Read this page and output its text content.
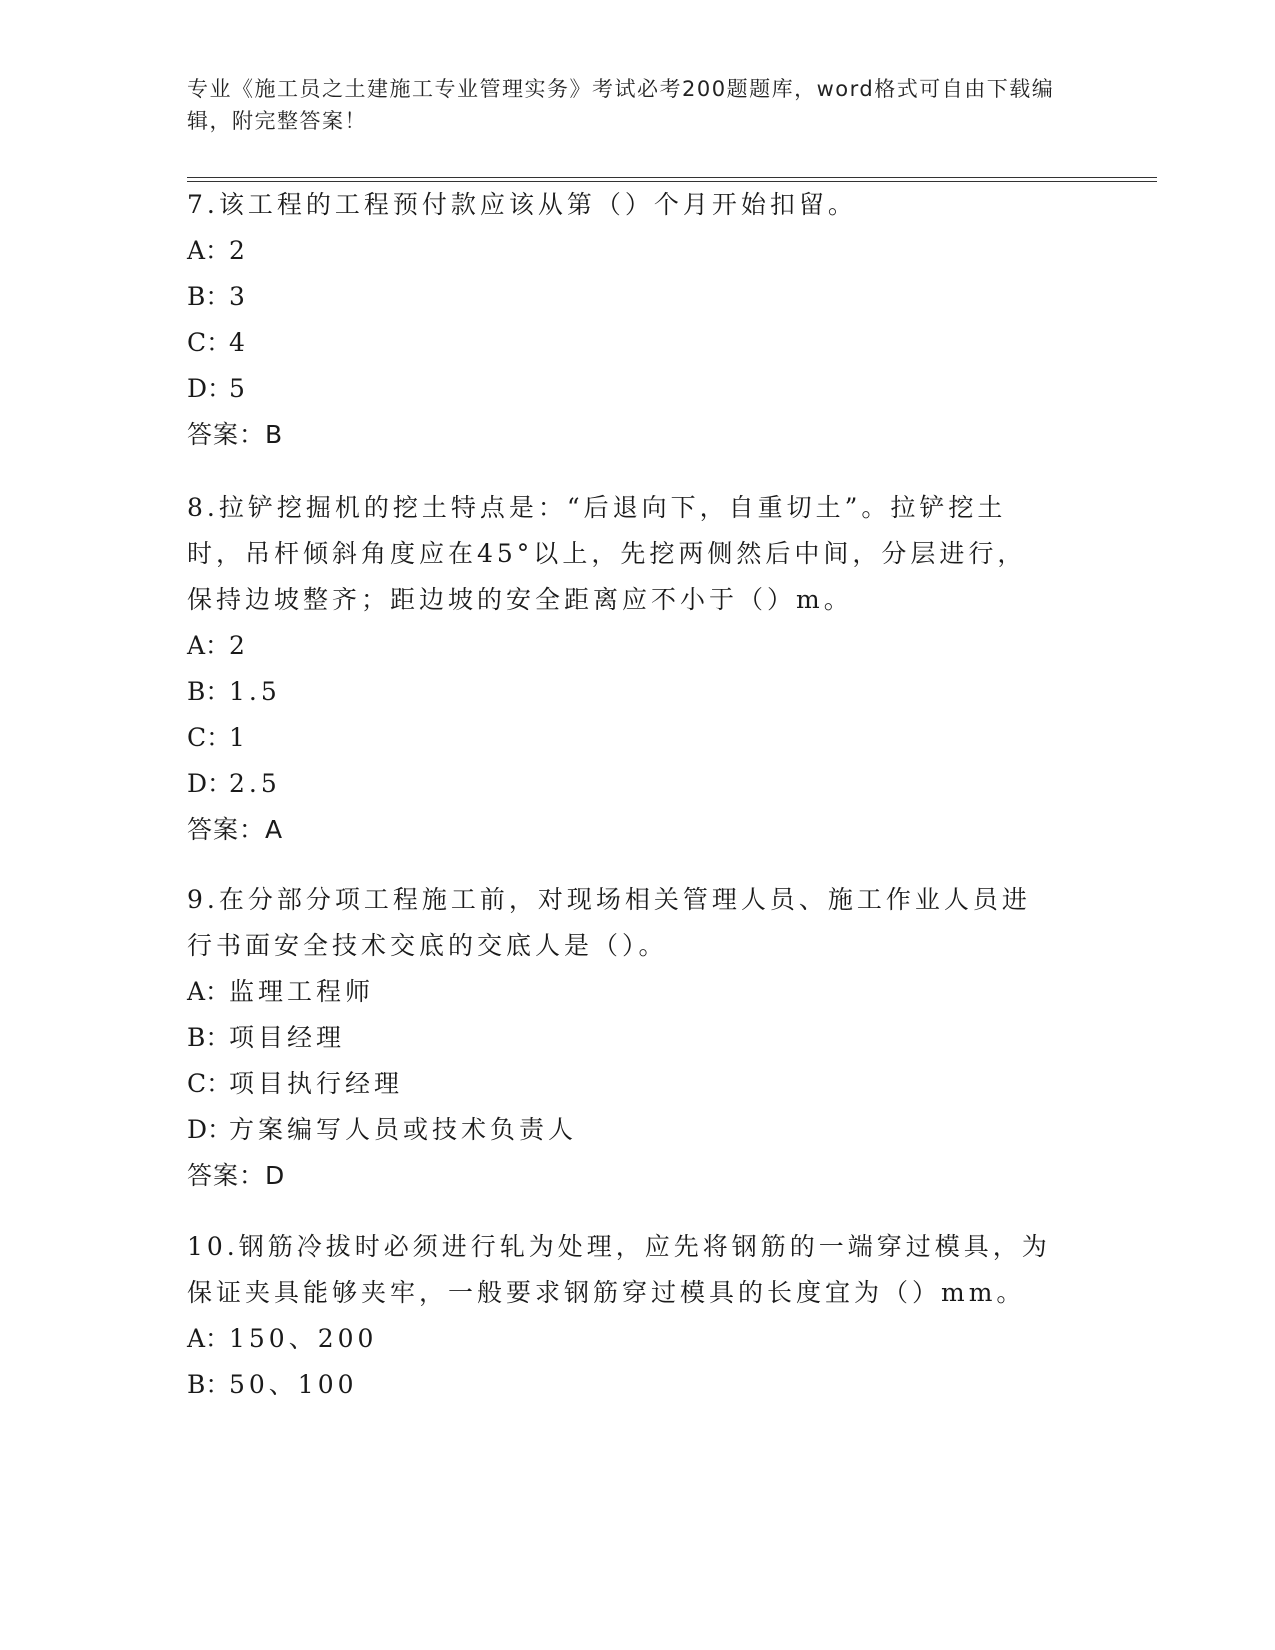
专业《施工员之土建施工专业管理实务》考试必考200题题库，word格式可自由下载编辑，附完整答案！

7.该工程的工程预付款应该从第（）个月开始扣留。

A：2

B：3

C：4

D：5

答案：B

8.拉铲挖掘机的挖土特点是：“后退向下，自重切土”。拉铲挖土时，吊杆倾斜角度应在45°以上，先挖两侧然后中间，分层进行，保持边坡整齐；距边坡的安全距离应不小于（）m。

A：2

B：1.5

C：1

D：2.5

答案：A

9.在分部分项工程施工前，对现场相关管理人员、施工作业人员进行书面安全技术交底的交底人是（）。

A：监理工程师

B：项目经理

C：项目执行经理

D：方案编写人员或技术负责人

答案：D

10.钢筋冷拔时必须进行轧为处理，应先将钢筋的一端穿过模具，为保证夹具能够夹牢，一般要求钢筋穿过模具的长度宜为（）mm。

A：150、200

B：50、100
